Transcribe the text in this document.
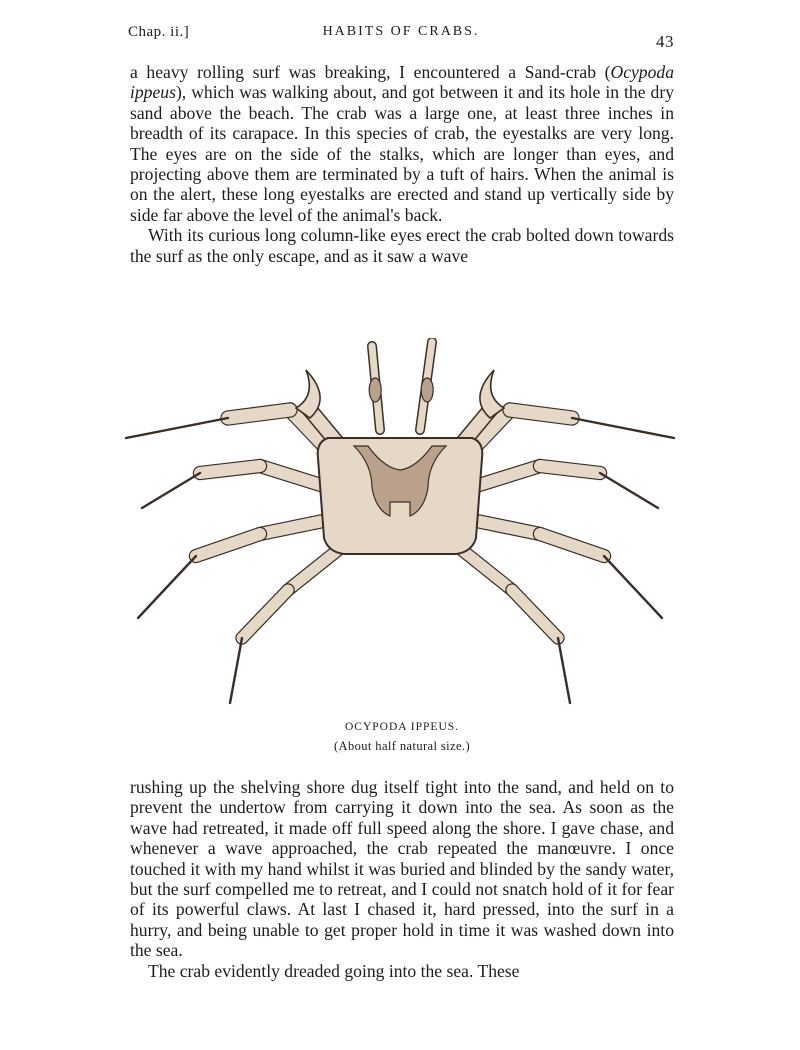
Chap. ii.]	HABITS OF CRABS.
43

a heavy rolling surf was breaking, I encountered a Sand-crab (Ocypoda ippeus), which was walking about, and got between it and its hole in the dry sand above the beach. The crab was a large one, at least three inches in breadth of its carapace. In this species of crab, the eyestalks are very long. The eyes are on the side of the stalks, which are longer than eyes, and projecting above them are terminated by a tuft of hairs. When the animal is on the alert, these long eyestalks are erected and stand up vertically side by side far above the level of the animal's back.

With its curious long column-like eyes erect the crab bolted down towards the surf as the only escape, and as it saw a wave

OCYPODA IPPEUS.
(About half natural size.)

rushing up the shelving shore dug itself tight into the sand, and held on to prevent the undertow from carrying it down into the sea. As soon as the wave had retreated, it made off full speed along the shore. I gave chase, and whenever a wave approached, the crab repeated the manœuvre. I once touched it with my hand whilst it was buried and blinded by the sandy water, but the surf compelled me to retreat, and I could not snatch hold of it for fear of its powerful claws. At last I chased it, hard pressed, into the surf in a hurry, and being unable to get proper hold in time it was washed down into the sea.

The crab evidently dreaded going into the sea. These
